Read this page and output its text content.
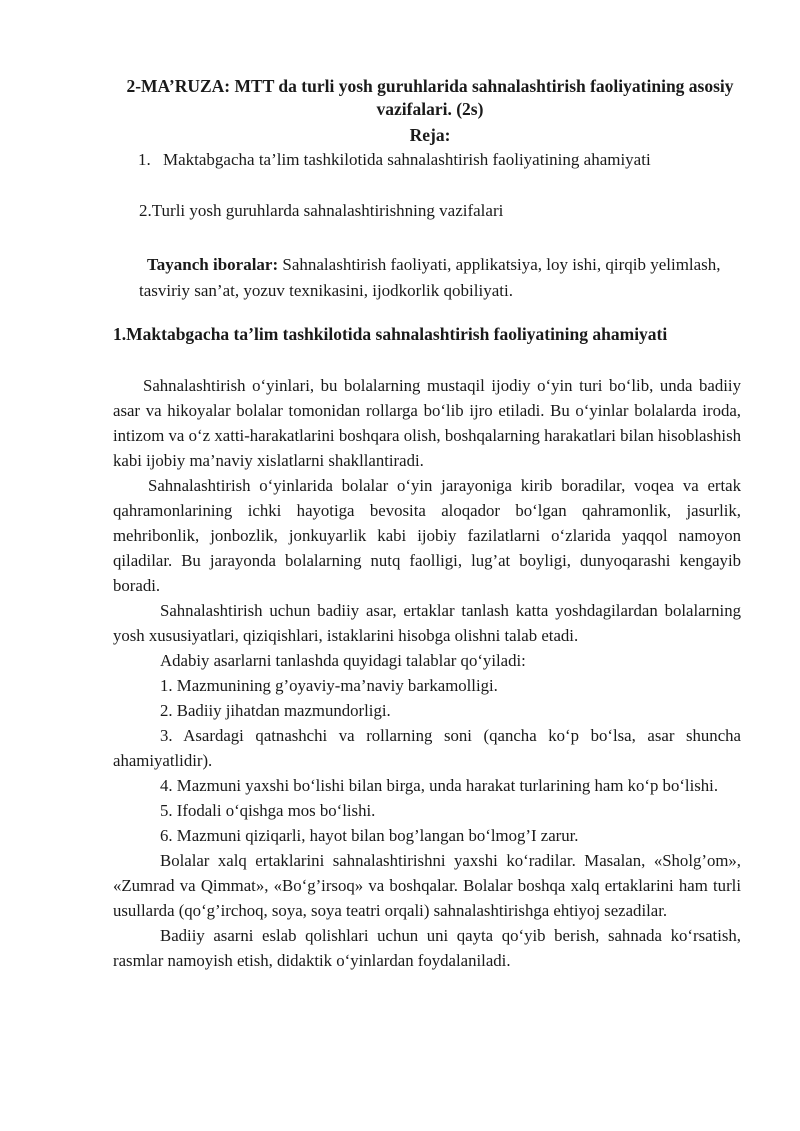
2-MA’RUZA: MTT da turli yosh guruhlarida sahnalashtirish faoliyatining asosiy vazifalari. (2s)
Reja:
1. Maktabgacha ta’lim tashkilotida sahnalashtirish faoliyatining ahamiyati
2.Turli yosh guruhlarda sahnalashtirishning vazifalari
Tayanch iboralar: Sahnalashtirish faoliyati, applikatsiya, loy ishi, qirqib yelimlash, tasviriy san’at, yozuv texnikasini, ijodkorlik qobiliyati.
1.Maktabgacha ta’lim tashkilotida sahnalashtirish faoliyatining ahamiyati

Sahnalashtirish o‘yinlari, bu bolalarning mustaqil ijodiy o‘yin turi bo‘lib, unda badiiy asar va hikoyalar bolalar tomonidan rollarga bo‘lib ijro etiladi. Bu o‘yinlar bolalarda iroda, intizom va o‘z xatti-harakatlarini boshqara olish, boshqalarning harakatlari bilan hisoblashish kabi ijobiy ma’naviy xislatlarni shakllantiradi.

Sahnalashtirish o‘yinlarida bolalar o‘yin jarayoniga kirib boradilar, voqea va ertak qahramonlarining ichki hayotiga bevosita aloqador bo‘lgan qahramonlik, jasurlik, mehribonlik, jonbozlik, jonkuyarlik kabi ijobiy fazilatlarni o‘zlarida yaqqol namoyon qiladilar. Bu jarayonda bolalarning nutq faolligi, lug’at boyligi, dunyoqarashi kengayib boradi.

Sahnalashtirish uchun badiiy asar, ertaklar tanlash katta yoshdagilardan bolalarning yosh xususiyatlari, qiziqishlari, istaklarini hisobga olishni talab etadi.

Adabiy asarlarni tanlashda quyidagi talablar qo‘yiladi:

1. Mazmunining g’oyaviy-ma’naviy barkamolligi.

2. Badiiy jihatdan mazmundorligi.

3. Asardagi qatnashchi va rollarning soni (qancha ko‘p bo‘lsa, asar shuncha ahamiyatlidir).

4. Mazmuni yaxshi bo‘lishi bilan birga, unda harakat turlarining ham ko‘p bo‘lishi.

5. Ifodali o‘qishga mos bo‘lishi.

6. Mazmuni qiziqarli, hayot bilan bog’langan bo‘lmog’I zarur.

Bolalar xalq ertaklarini sahnalashtirishni yaxshi ko‘radilar. Masalan, «Sholg’om», «Zumrad va Qimmat», «Bo‘g’irsoq» va boshqalar. Bolalar boshqa xalq ertaklarini ham turli usullarda (qo‘g’irchoq, soya, soya teatri orqali) sahnalashtirishga ehtiyoj sezadilar.

Badiiy asarni eslab qolishlari uchun uni qayta qo‘yib berish, sahnada ko‘rsatish, rasmlar namoyish etish, didaktik o‘yinlardan foydalaniladi.
